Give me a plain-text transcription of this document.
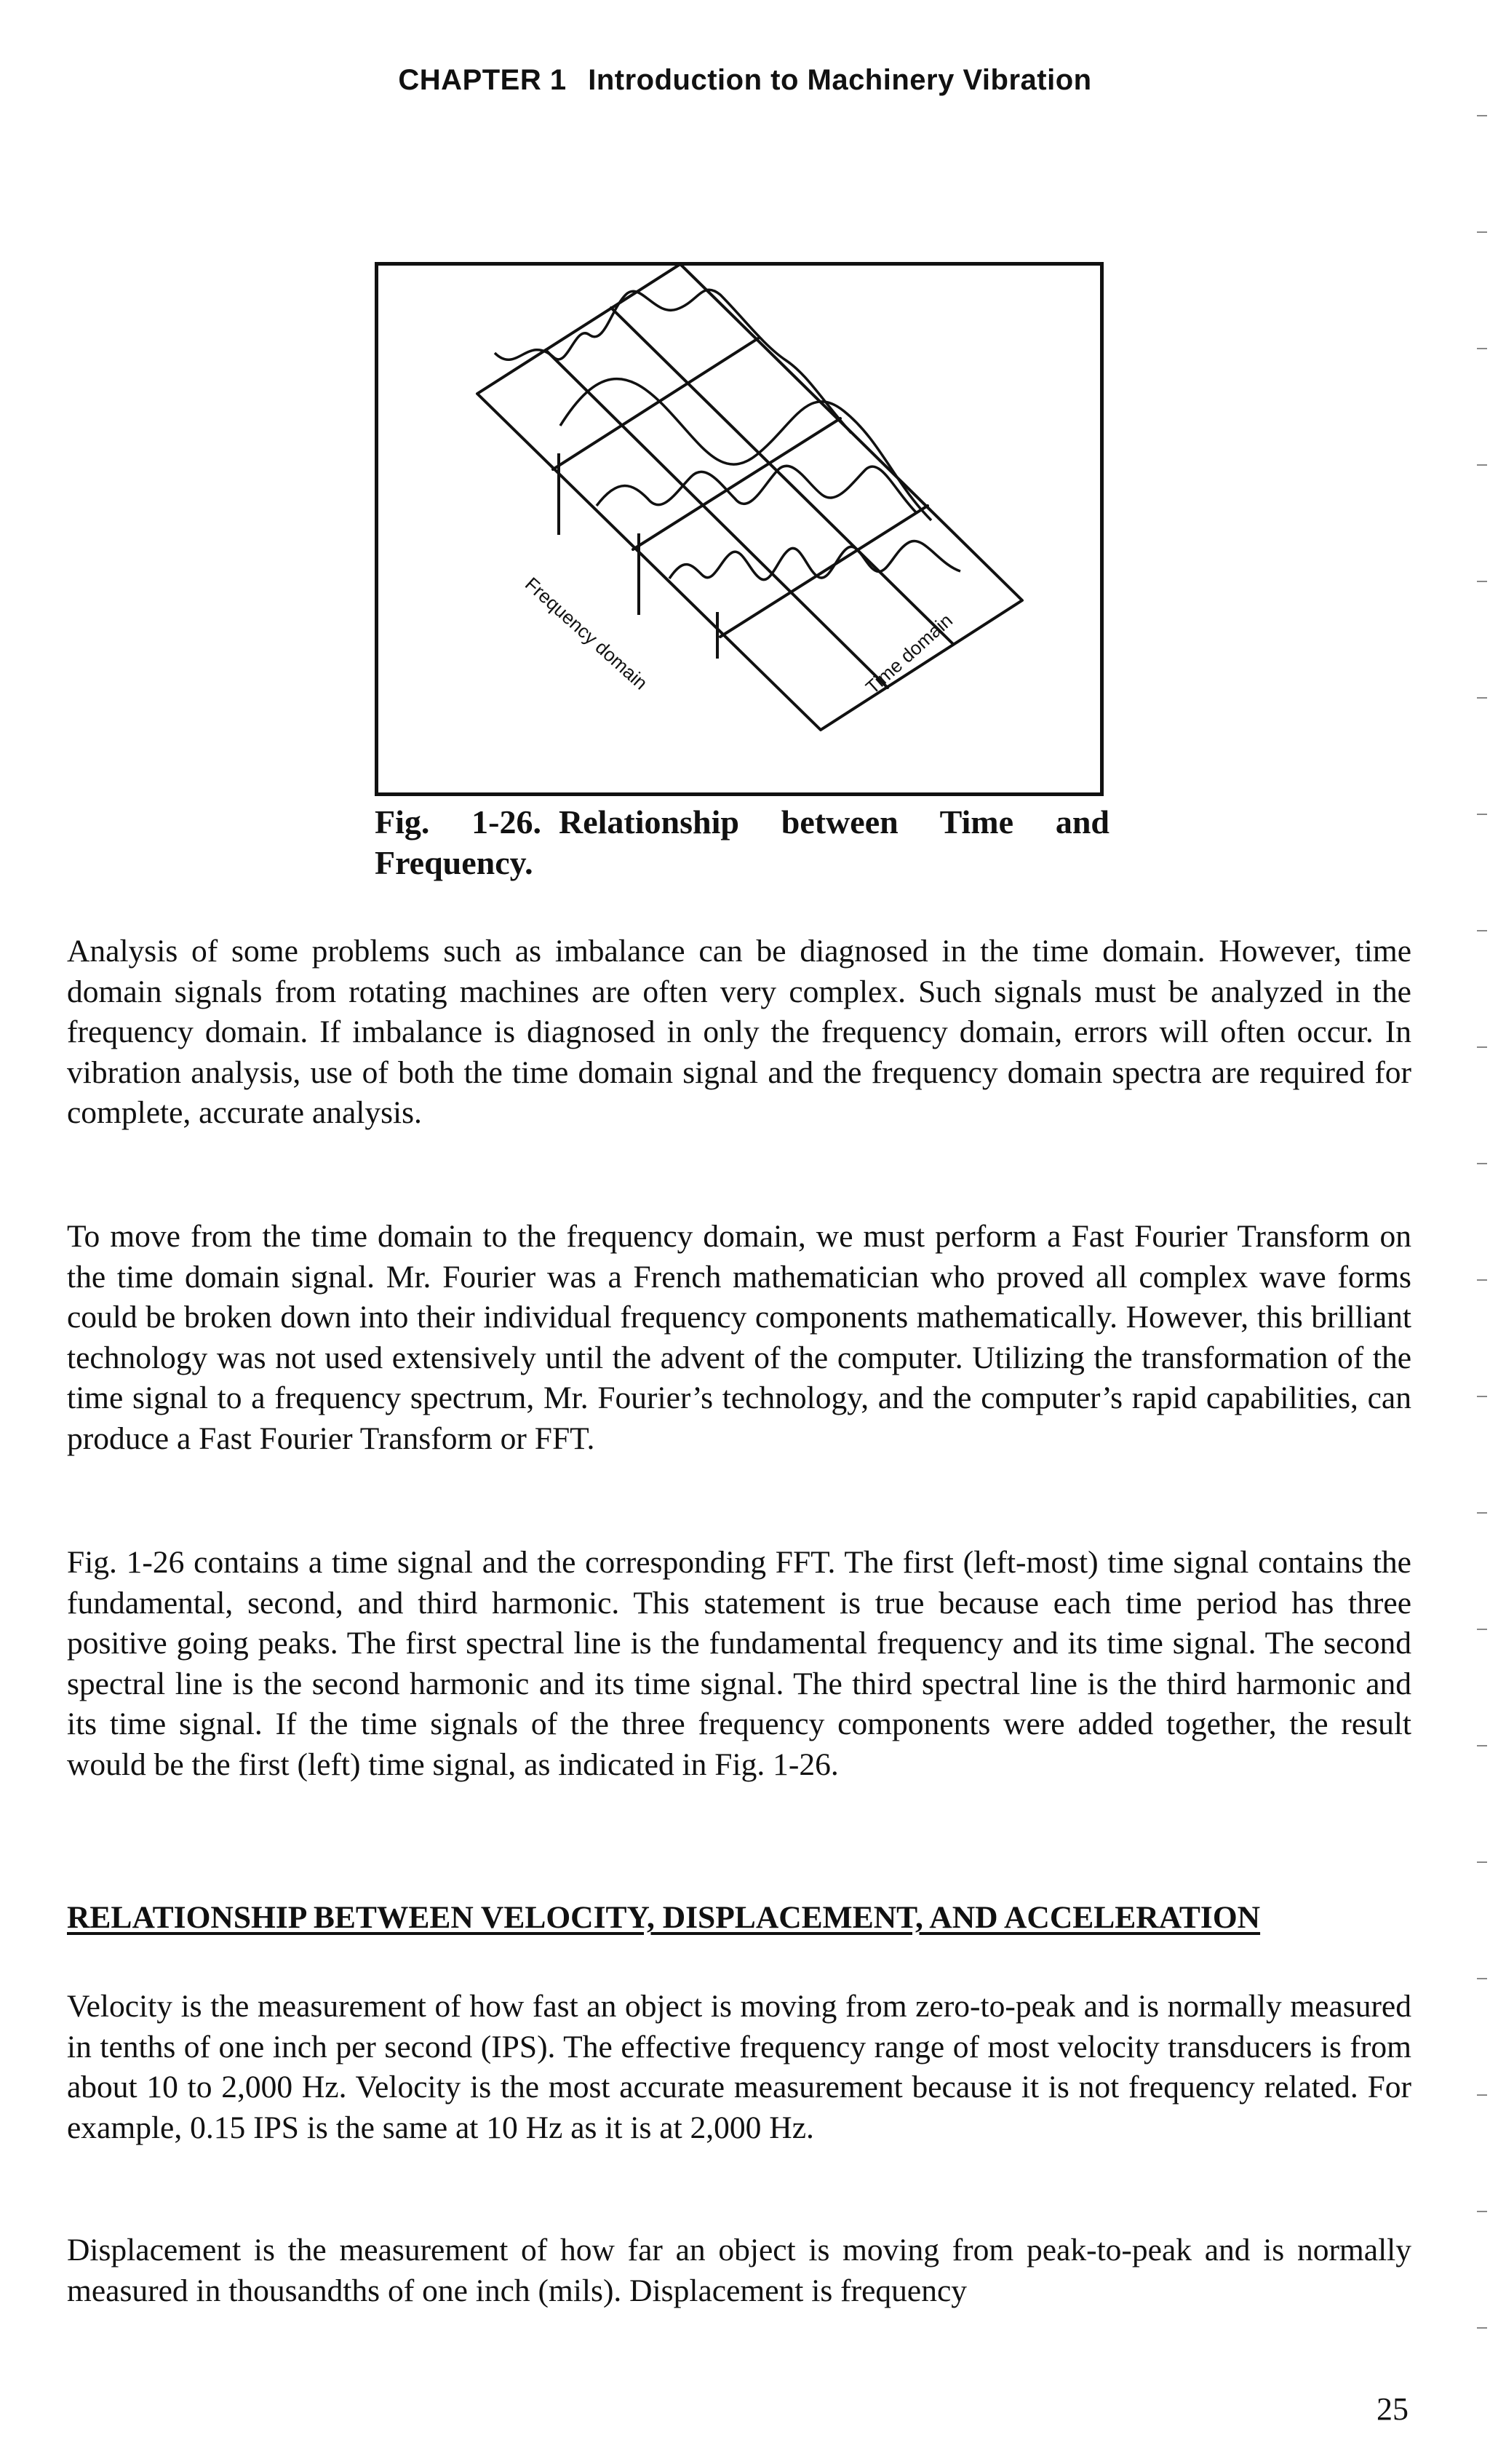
CHAPTER 1 Introduction to Machinery Vibration
Frequency domain	Time domain
Fig. 1-26. Relationship between Time and Frequency.

Analysis of some problems such as imbalance can be diagnosed in the time domain. However, time domain signals from rotating machines are often very complex. Such signals must be analyzed in the frequency domain. If imbalance is diagnosed in only the frequency domain, errors will often occur. In vibration analysis, use of both the time domain signal and the frequency domain spectra are required for complete, accurate analysis.

To move from the time domain to the frequency domain, we must perform a Fast Fourier Transform on the time domain signal. Mr. Fourier was a French mathematician who proved all complex wave forms could be broken down into their individual frequency components mathematically. However, this brilliant technology was not used extensively until the advent of the computer. Utilizing the transformation of the time signal to a frequency spectrum, Mr. Fourier’s technology, and the computer’s rapid capabilities, can produce a Fast Fourier Transform or FFT.

Fig. 1-26 contains a time signal and the corresponding FFT. The first (left-most) time signal contains the fundamental, second, and third harmonic. This statement is true because each time period has three positive going peaks. The first spectral line is the fundamental frequency and its time signal. The second spectral line is the second harmonic and its time signal. The third spectral line is the third harmonic and its time signal. If the time signals of the three frequency components were added together, the result would be the first (left) time signal, as indicated in Fig. 1-26.

RELATIONSHIP BETWEEN VELOCITY, DISPLACEMENT, AND ACCELERATION

Velocity is the measurement of how fast an object is moving from zero-to-peak and is normally measured in tenths of one inch per second (IPS). The effective frequency range of most velocity transducers is from about 10 to 2,000 Hz. Velocity is the most accurate measurement because it is not frequency related. For example, 0.15 IPS is the same at 10 Hz as it is at 2,000 Hz.

Displacement is the measurement of how far an object is moving from peak-to-peak and is normally measured in thousandths of one inch (mils). Displacement is frequency

25
